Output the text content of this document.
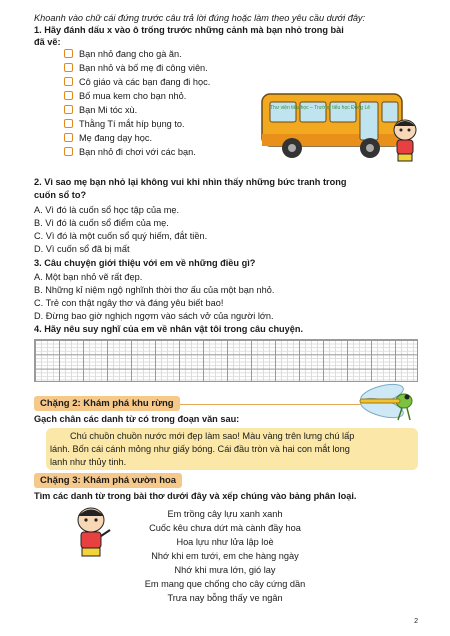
Khoanh vào chữ cái đứng trước câu trả lời đúng hoặc làm theo yêu cầu dưới đây:
1. Hãy đánh dấu x vào ô trống trước những cảnh mà bạn nhỏ trong bài
đã vẽ:
Bạn nhỏ đang cho gà ăn.
Bạn nhỏ và bố mẹ đi công viên.
Cô giáo và các bạn đang đi học.
Bố mua kem cho bạn nhỏ.
Bạn Mi tóc xù.
Thằng Tí mắt híp bụng to.
Mẹ đang dạy học.
Bạn nhỏ đi chơi với các bạn.
Thư viện tiểu học – Trường tiểu học Đồng Lê
2. Vì sao mẹ bạn nhỏ lại không vui khi nhìn thấy những bức tranh trong
cuốn sổ to?
A. Vì đó là cuốn sổ học tập của mẹ.
B. Vì đó là cuốn sổ điểm của mẹ.
C. Vì đó là một cuốn sổ quý hiếm, đắt tiền.
D. Vì cuốn sổ đã bị mất
3. Câu chuyện giới thiệu với em về những điều gì?
A. Một bạn nhỏ vẽ rất đẹp.
B. Những kỉ niệm ngộ nghĩnh thời thơ ấu của một bạn nhỏ.
C. Trẻ con thật ngây thơ và đáng yêu biết bao!
D. Đừng bao giờ nghịch ngợm vào sách vở của người lớn.
4. Hãy nêu suy nghĩ của em về nhân vật tôi trong câu chuyện.
Chặng 2: Khám phá khu rừng
Gạch chân các danh từ có trong đoạn văn sau:
Chú chuồn chuồn nước mới đẹp làm sao! Màu vàng trên lưng chú lấp
lánh. Bốn cái cánh mỏng như giấy bóng. Cái đầu tròn và hai con mắt long
lanh như thủy tinh.
Chặng 3: Khám phá vườn hoa
Tìm các danh từ trong bài thơ dưới đây và xếp chúng vào bảng phân loại.
Em trồng cây lựu xanh xanh
Cuốc kêu chưa dứt mà cành đầy hoa
Hoa lựu như lửa lập loè
Nhớ khi em tưới, em che hàng ngày
Nhớ khi mưa lớn, gió lay
Em mang que chống cho cây cứng dần
Trưa nay bỗng thấy ve ngân
2
